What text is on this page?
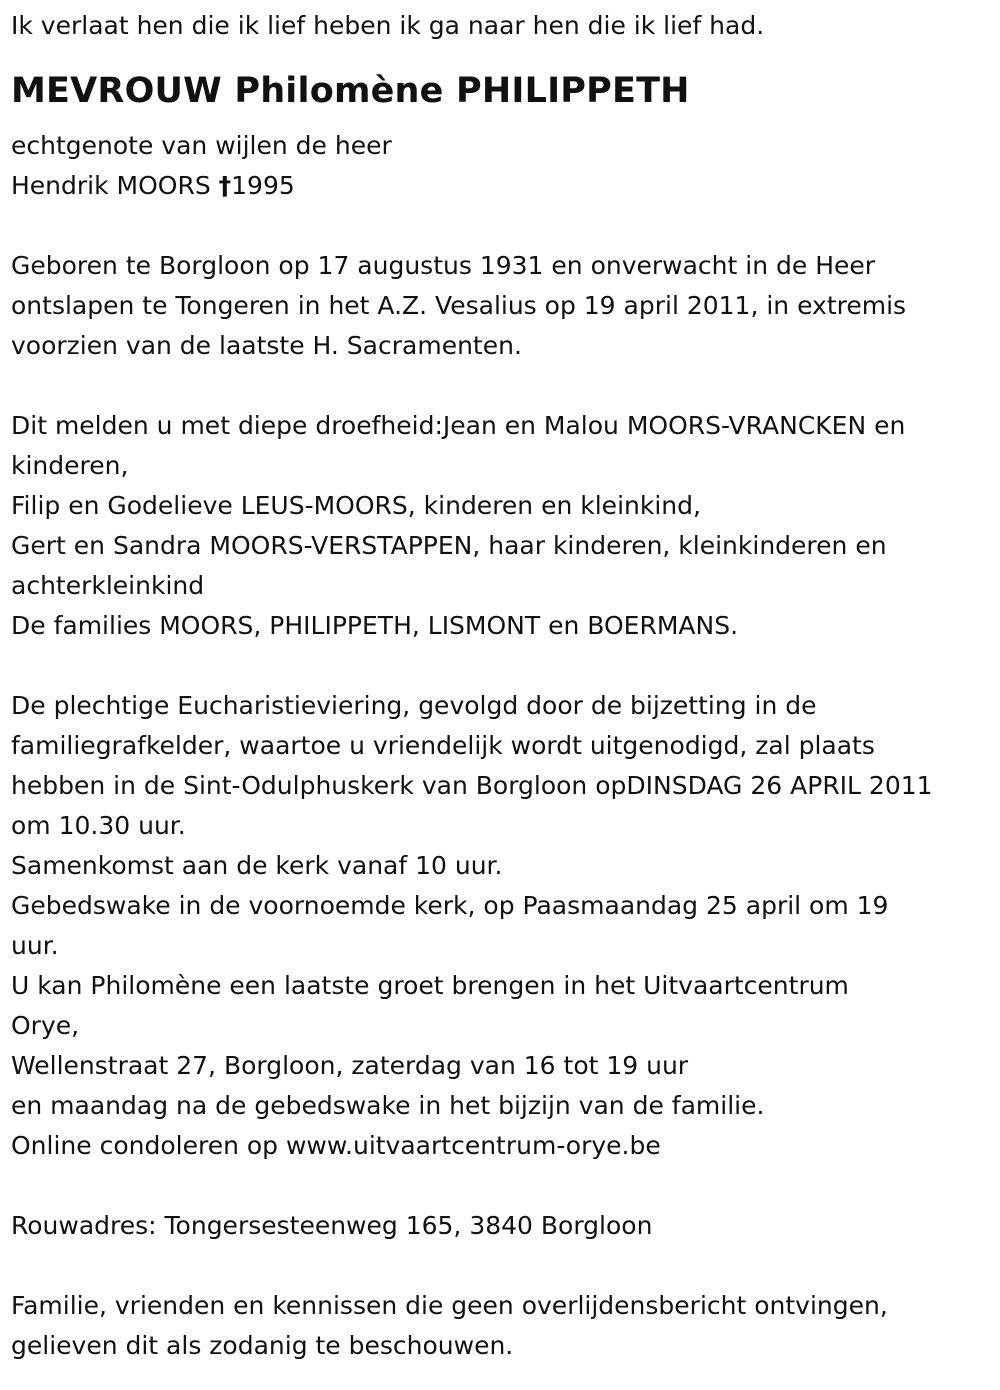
Ik verlaat hen die ik lief heben ik ga naar hen die ik lief had.

MEVROUW Philomène PHILIPPETH

echtgenote van wijlen de heer

Hendrik MOORS †1995

Geboren te Borgloon op 17 augustus 1931 en onverwacht in de Heer

ontslapen te Tongeren in het A.Z. Vesalius op 19 april 2011, in extremis

voorzien van de laatste H. Sacramenten.

Dit melden u met diepe droefheid:Jean en Malou MOORS-VRANCKEN en

kinderen,

Filip en Godelieve LEUS-MOORS, kinderen en kleinkind,

Gert en Sandra MOORS-VERSTAPPEN, haar kinderen, kleinkinderen en

achterkleinkind

De families MOORS, PHILIPPETH, LISMONT en BOERMANS.

De plechtige Eucharistieviering, gevolgd door de bijzetting in de

familiegrafkelder, waartoe u vriendelijk wordt uitgenodigd, zal plaats

hebben in de Sint-Odulphuskerk van Borgloon opDINSDAG 26 APRIL 2011

om 10.30 uur.

Samenkomst aan de kerk vanaf 10 uur.

Gebedswake in de voornoemde kerk, op Paasmaandag 25 april om 19

uur.

U kan Philomène een laatste groet brengen in het Uitvaartcentrum

Orye,

Wellenstraat 27, Borgloon, zaterdag van 16 tot 19 uur

en maandag na de gebedswake in het bijzijn van de familie.

Online condoleren op www.uitvaartcentrum-orye.be

Rouwadres: Tongersesteenweg 165, 3840 Borgloon

Familie, vrienden en kennissen die geen overlijdensbericht ontvingen,

gelieven dit als zodanig te beschouwen.
